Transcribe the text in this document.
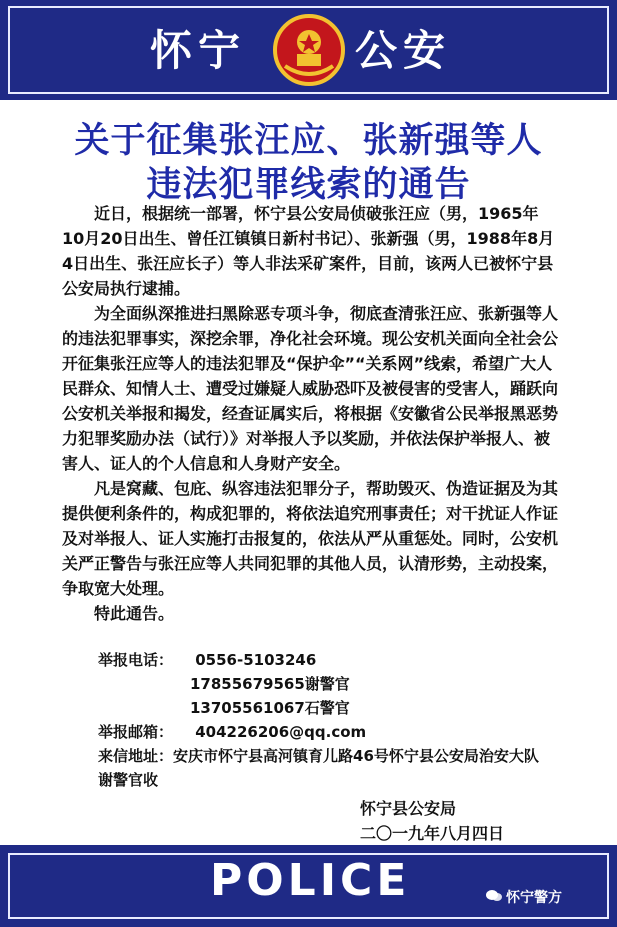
怀宁	公安
关于征集张汪应、张新强等人
违法犯罪线索的通告

近日，根据统一部署，怀宁县公安局侦破张汪应（男，1965年10月20日出生、曾任江镇镇日新村书记）、张新强（男，1988年8月4日出生、张汪应长子）等人非法采矿案件，目前，该两人已被怀宁县公安局执行逮捕。

为全面纵深推进扫黑除恶专项斗争，彻底查清张汪应、张新强等人的违法犯罪事实，深挖余罪，净化社会环境。现公安机关面向全社会公开征集张汪应等人的违法犯罪及“保护伞”“关系网”线索，希望广大人民群众、知情人士、遭受过嫌疑人威胁恐吓及被侵害的受害人，踊跃向公安机关举报和揭发，经查证属实后，将根据《安徽省公民举报黑恶势力犯罪奖励办法（试行）》对举报人予以奖励，并依法保护举报人、被害人、证人的个人信息和人身财产安全。

凡是窝藏、包庇、纵容违法犯罪分子，帮助毁灭、伪造证据及为其提供便利条件的，构成犯罪的，将依法追究刑事责任；对干扰证人作证及对举报人、证人实施打击报复的，依法从严从重惩处。同时，公安机关严正警告与张汪应等人共同犯罪的其他人员，认清形势，主动投案，争取宽大处理。

特此通告。

举报电话： 0556-5103246
17855679565谢警官
13705561067石警官
举报邮箱： 404226206@qq.com
来信地址：安庆市怀宁县高河镇育儿路46号怀宁县公安局治安大队 谢警官收
怀宁县公安局
二〇一九年八月四日
POLICE	怀宁警方
